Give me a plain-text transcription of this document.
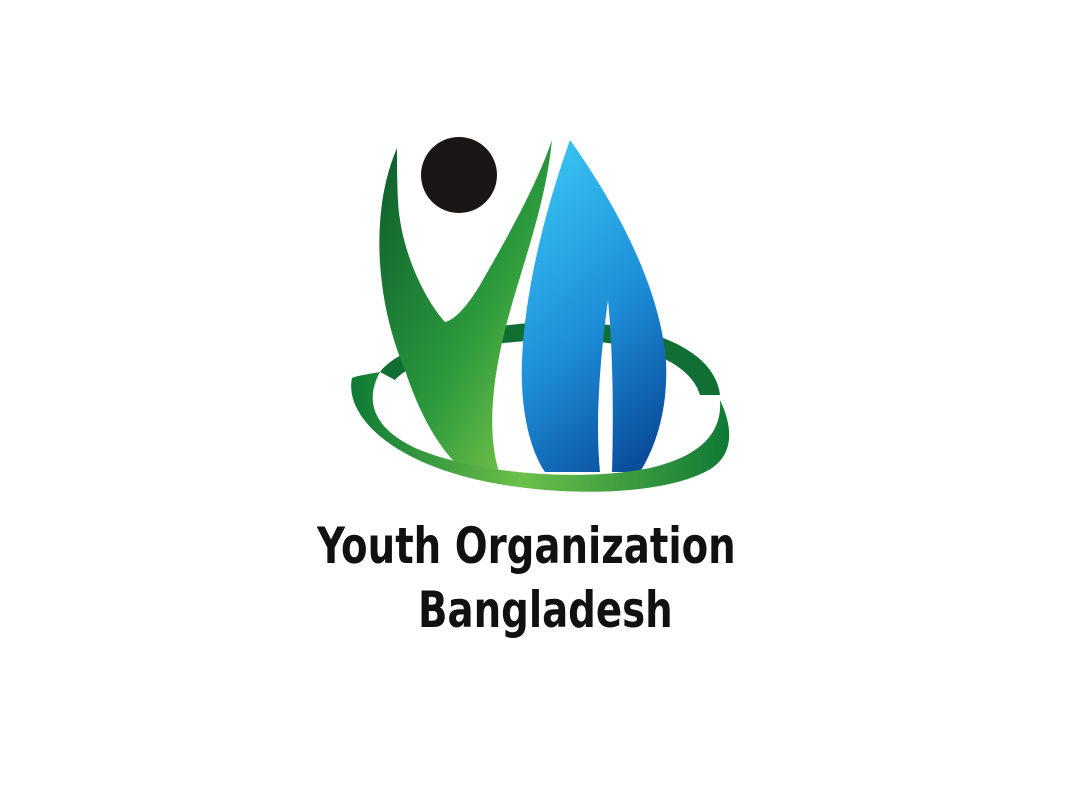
Youth Organization
Bangladesh
